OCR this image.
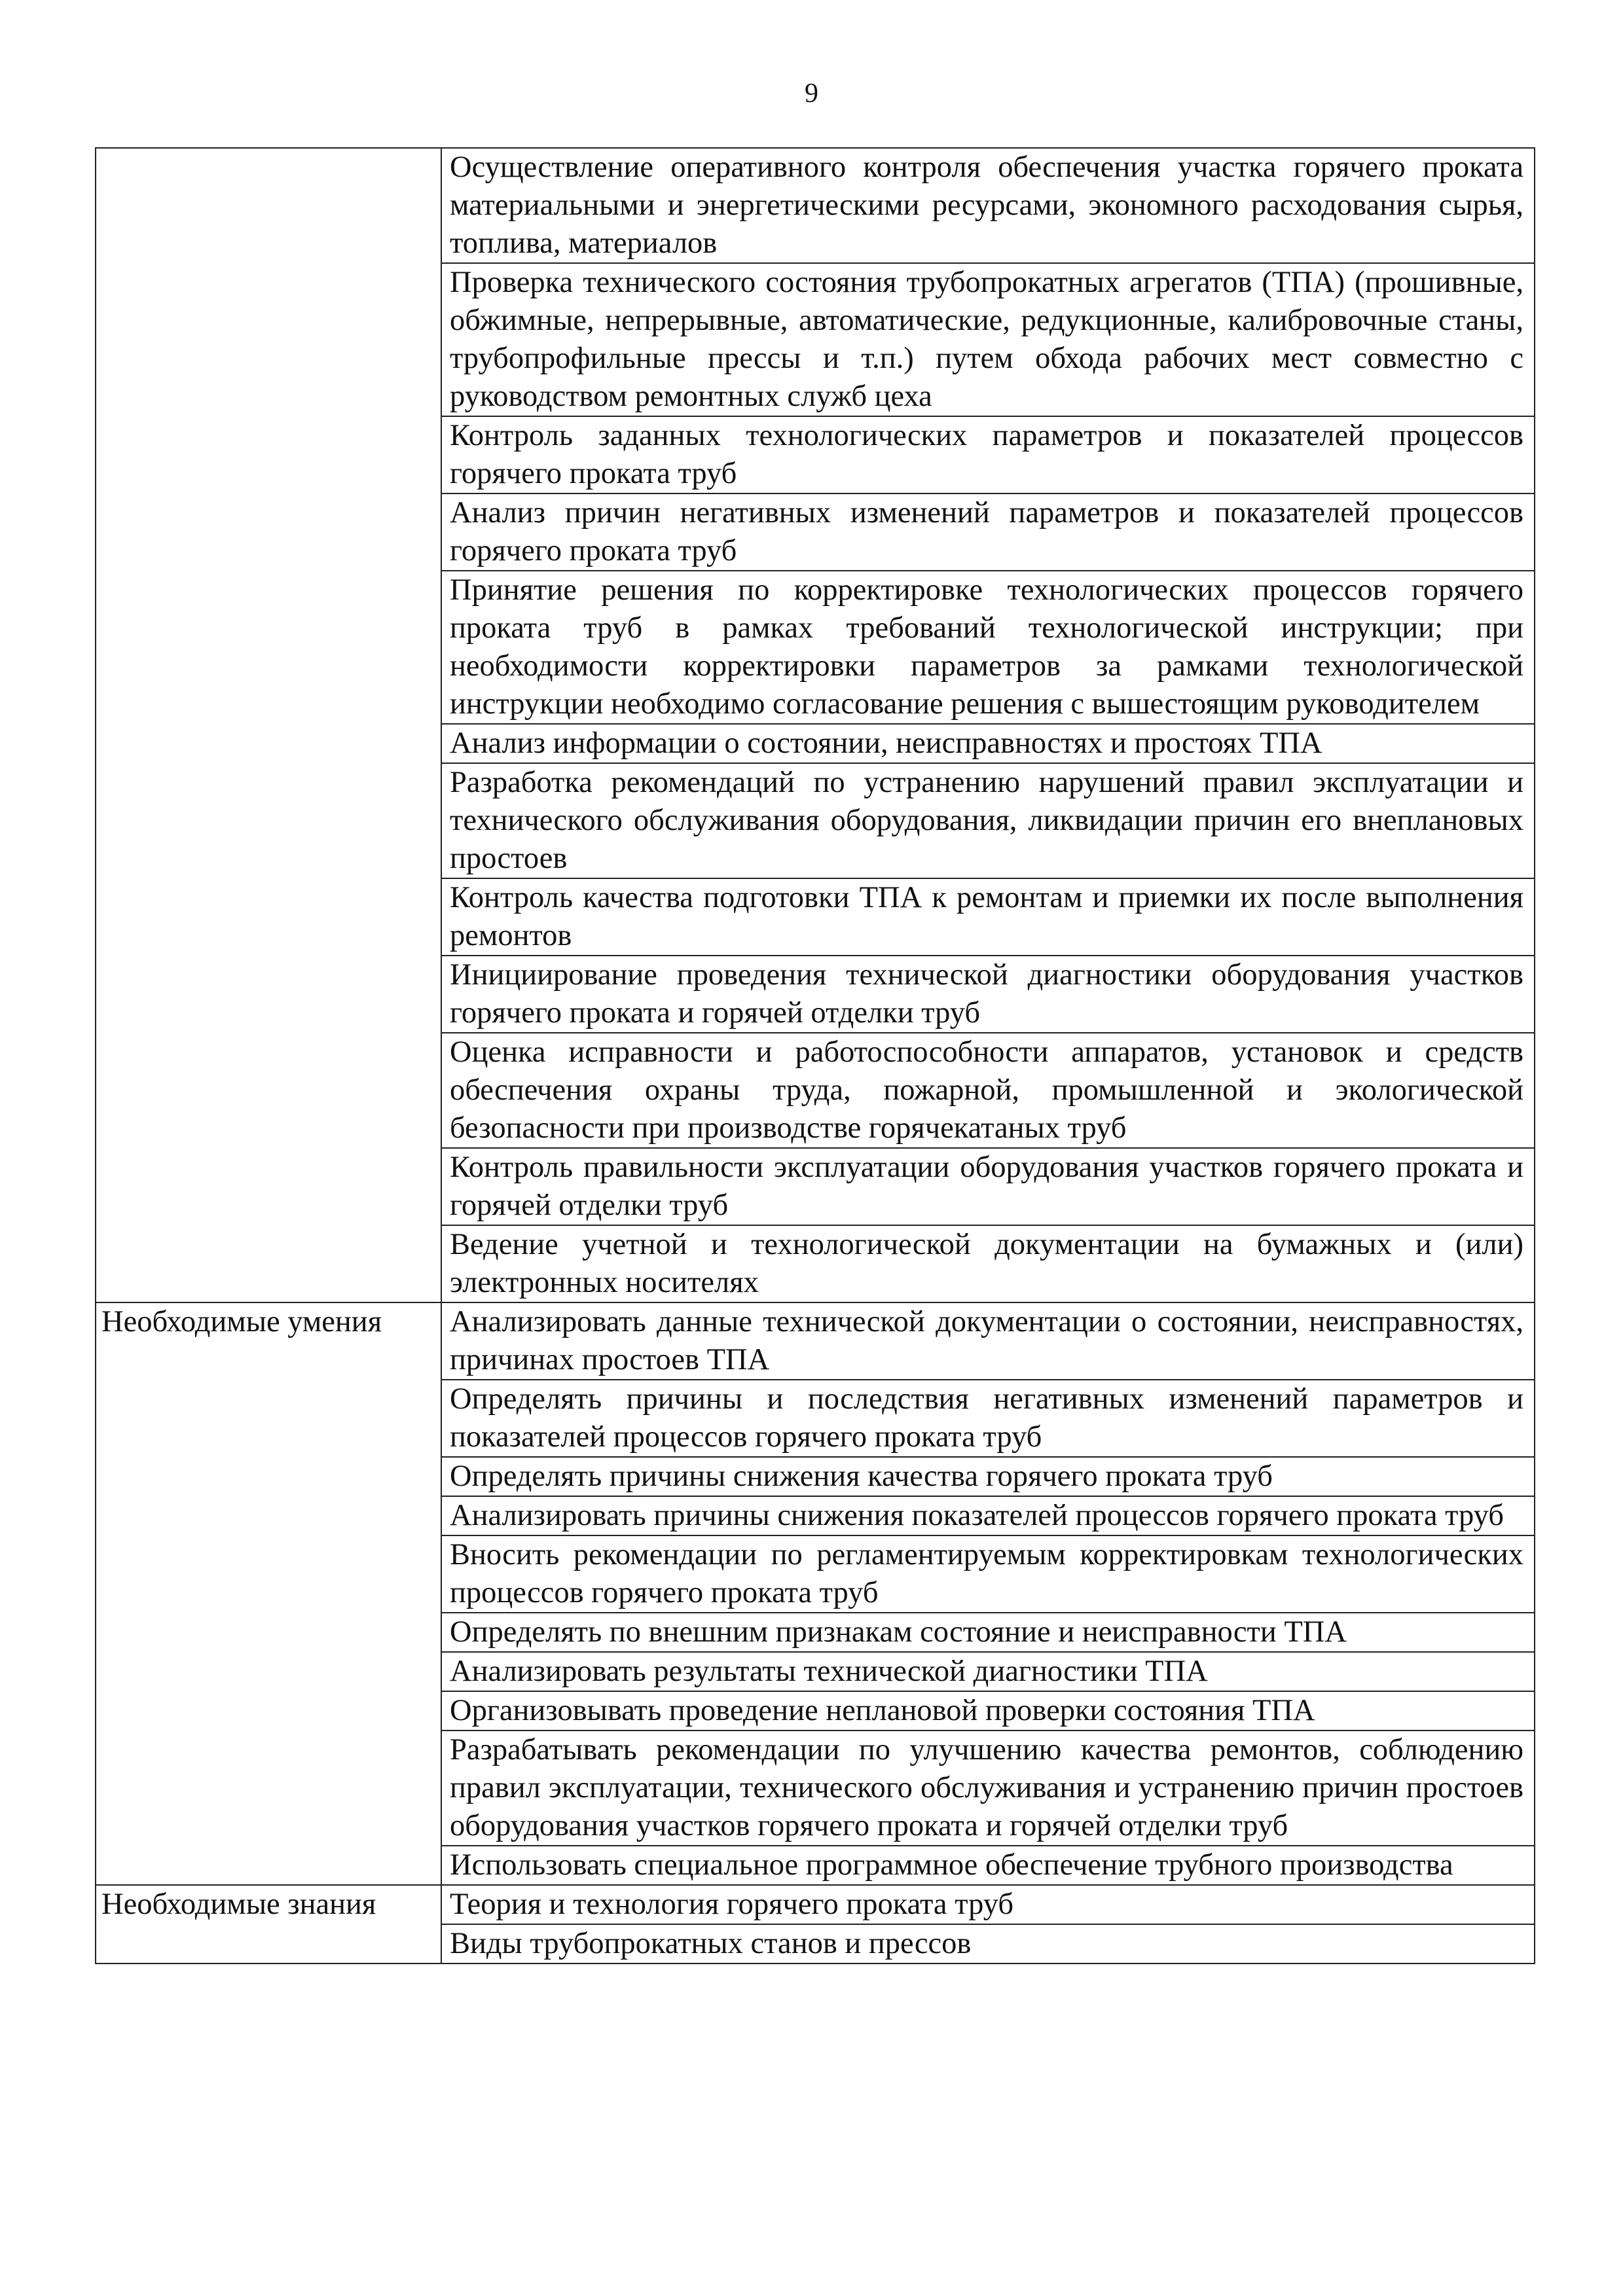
9
	Осуществление оперативного контроля обеспечения участка горячего проката материальными и энергетическими ресурсами, экономного расходования сырья, топлива, материалов
	Проверка технического состояния трубопрокатных агрегатов (ТПА) (прошивные, обжимные, непрерывные, автоматические, редукционные, калибровочные станы, трубопрофильные прессы и т.п.) путем обхода рабочих мест совместно с руководством ремонтных служб цеха
	Контроль заданных технологических параметров и показателей процессов горячего проката труб
	Анализ причин негативных изменений параметров и показателей процессов горячего проката труб
	Принятие решения по корректировке технологических процессов горячего проката труб в рамках требований технологической инструкции; при необходимости корректировки параметров за рамками технологической инструкции необходимо согласование решения с вышестоящим руководителем
	Анализ информации о состоянии, неисправностях и простоях ТПА
	Разработка рекомендаций по устранению нарушений правил эксплуатации и технического обслуживания оборудования, ликвидации причин его внеплановых простоев
	Контроль качества подготовки ТПА к ремонтам и приемки их после выполнения ремонтов
	Инициирование проведения технической диагностики оборудования участков горячего проката и горячей отделки труб
	Оценка исправности и работоспособности аппаратов, установок и средств обеспечения охраны труда, пожарной, промышленной и экологической безопасности при производстве горячекатаных труб
	Контроль правильности эксплуатации оборудования участков горячего проката и горячей отделки труб
	Ведение учетной и технологической документации на бумажных и (или) электронных носителях
Необходимые умения	Анализировать данные технической документации о состоянии, неисправностях, причинах простоев ТПА
	Определять причины и последствия негативных изменений параметров и показателей процессов горячего проката труб
	Определять причины снижения качества горячего проката труб
	Анализировать причины снижения показателей процессов горячего проката труб
	Вносить рекомендации по регламентируемым корректировкам технологических процессов горячего проката труб
	Определять по внешним признакам состояние и неисправности ТПА
	Анализировать результаты технической диагностики ТПА
	Организовывать проведение неплановой проверки состояния ТПА
	Разрабатывать рекомендации по улучшению качества ремонтов, соблюдению правил эксплуатации, технического обслуживания и устранению причин простоев оборудования участков горячего проката и горячей отделки труб
	Использовать специальное программное обеспечение трубного производства
Необходимые знания	Теория и технология горячего проката труб
	Виды трубопрокатных станов и прессов
